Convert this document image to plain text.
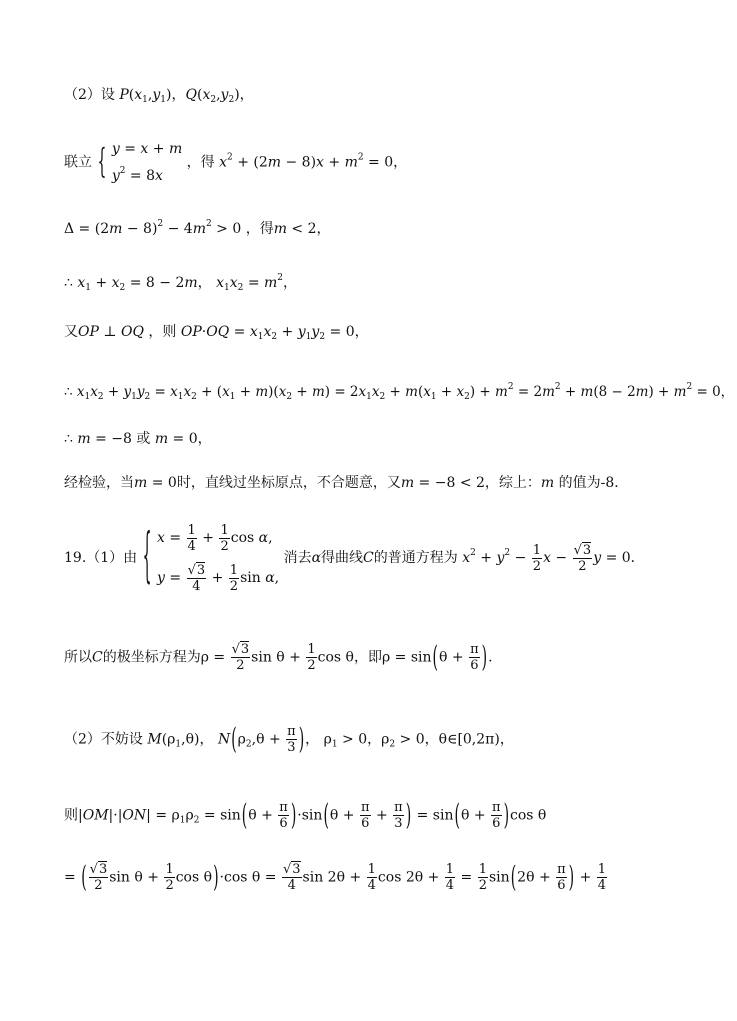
（2）设 $P(x_1,y_1)$，$Q(x_2,y_2)$，
联立 { y = x + m
$y^2 = 8x$
，得 $x^2 + (2m - 8)x + m^2 = 0$，
$\Delta = (2m - 8)^2 - 4m^2 > 0$ ，得m < 2，
∴ $x_1 + x_2 = 8 - 2m$， $x_1x_2 = m^2$，
又OP ⊥ OQ ，则 $OP\cdot OQ = x_1x_2 + y_1y_2 = 0$，
∴ $x_1x_2 + y_1y_2 = x_1x_2 + (x_1 + m)(x_2 + m) = 2x_1x_2 + m(x_1 + x_2) + m^2 = 2m^2 + m(8 - 2m) + m^2 = 0$，
∴ m = −8 或 m = 0，
经检验，当m = 0时，直线过坐标原点，不合题意，又m = −8 < 2，综上：m 的值为-8．
19.（1）由 { $x = \frac{1}{4} + \frac{1}{2}$ cos α,
$y = \frac{√3}{4} + \frac{1}{2}$ sin α,
消去α得曲线C的普通方程为 $x^2 + y^2 - \frac{1}{2}$ $x - \frac{√3}{2}$ y = 0．
所以C的极坐标方程为$\rho = \frac{√3}{2}$ $\sin \theta + \frac{1}{2}$ cos θ，即$\rho = \sin(\theta + \frac{\pi}{6}$ ).
（2）不妨设 $M(\rho_1,\theta)$， $N(\rho_2,\theta + \frac{\pi}{3}$ )， $\rho_1 > 0$，$\rho_2 > 0$，θ∈[0,2π)，
则$|OM|\cdot|ON| = \rho_1\rho_2 = \sin(\theta + \frac{\pi}{6} )\cdot\sin(\theta + \frac{\pi}{6} + \frac{\pi}{3}$ ) = $\sin(\theta + \frac{\pi}{6} )\cos$ θ
= ( $\frac{√3}{2}$ $\sin \theta + \frac{1}{2}$ cos θ)·cos $\theta = \frac{√3}{4}$ $\sin 2\theta + \frac{1}{4}$ $\cos 2\theta + \frac{1}{4} = \frac{1}{2} \sin(2\theta + \frac{\pi}{6}$ ) + $\frac{1}{4}$
